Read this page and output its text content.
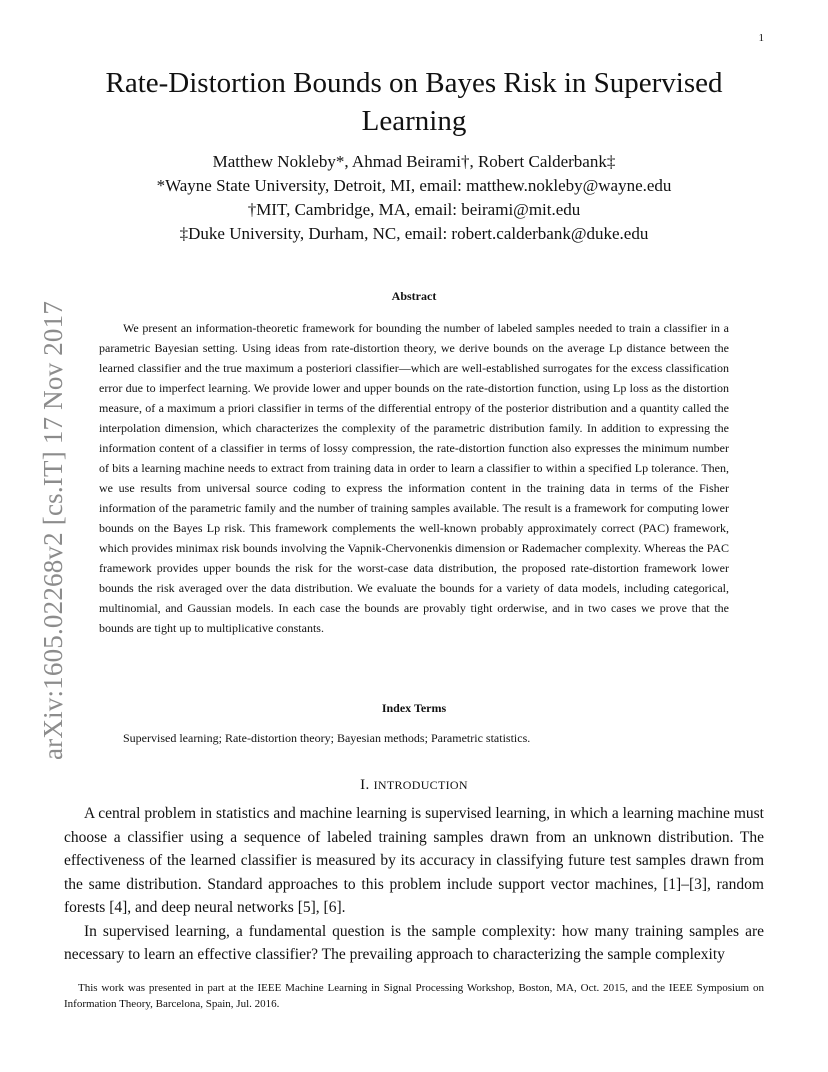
1
arXiv:1605.02268v2 [cs.IT] 17 Nov 2017
Rate-Distortion Bounds on Bayes Risk in Supervised Learning
Matthew Nokleby*, Ahmad Beirami†, Robert Calderbank‡
*Wayne State University, Detroit, MI, email: matthew.nokleby@wayne.edu
†MIT, Cambridge, MA, email: beirami@mit.edu
‡Duke University, Durham, NC, email: robert.calderbank@duke.edu
Abstract
We present an information-theoretic framework for bounding the number of labeled samples needed to train a classifier in a parametric Bayesian setting. Using ideas from rate-distortion theory, we derive bounds on the average Lp distance between the learned classifier and the true maximum a posteriori classifier—which are well-established surrogates for the excess classification error due to imperfect learning. We provide lower and upper bounds on the rate-distortion function, using Lp loss as the distortion measure, of a maximum a priori classifier in terms of the differential entropy of the posterior distribution and a quantity called the interpolation dimension, which characterizes the complexity of the parametric distribution family. In addition to expressing the information content of a classifier in terms of lossy compression, the rate-distortion function also expresses the minimum number of bits a learning machine needs to extract from training data in order to learn a classifier to within a specified Lp tolerance. Then, we use results from universal source coding to express the information content in the training data in terms of the Fisher information of the parametric family and the number of training samples available. The result is a framework for computing lower bounds on the Bayes Lp risk. This framework complements the well-known probably approximately correct (PAC) framework, which provides minimax risk bounds involving the Vapnik-Chervonenkis dimension or Rademacher complexity. Whereas the PAC framework provides upper bounds the risk for the worst-case data distribution, the proposed rate-distortion framework lower bounds the risk averaged over the data distribution. We evaluate the bounds for a variety of data models, including categorical, multinomial, and Gaussian models. In each case the bounds are provably tight orderwise, and in two cases we prove that the bounds are tight up to multiplicative constants.
Index Terms
Supervised learning; Rate-distortion theory; Bayesian methods; Parametric statistics.
I. INTRODUCTION

A central problem in statistics and machine learning is supervised learning, in which a learning machine must choose a classifier using a sequence of labeled training samples drawn from an unknown distribution. The effectiveness of the learned classifier is measured by its accuracy in classifying future test samples drawn from the same distribution. Standard approaches to this problem include support vector machines, [1]–[3], random forests [4], and deep neural networks [5], [6].

In supervised learning, a fundamental question is the sample complexity: how many training samples are necessary to learn an effective classifier? The prevailing approach to characterizing the sample complexity

This work was presented in part at the IEEE Machine Learning in Signal Processing Workshop, Boston, MA, Oct. 2015, and the IEEE Symposium on Information Theory, Barcelona, Spain, Jul. 2016.
